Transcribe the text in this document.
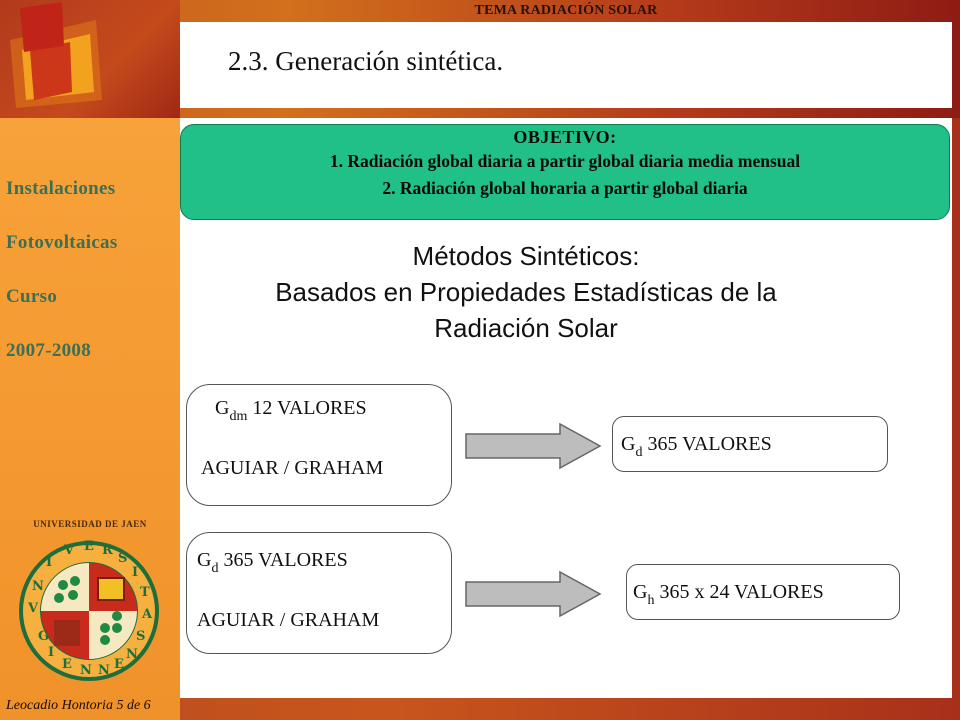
TEMA RADIACIÓN SOLAR
2.3. Generación sintética.
Instalaciones
Fotovoltaicas
Curso
2007-2008
UNIVERSIDAD DE JAEN
V
N
I
V E R
S
I
T
A
S
G
I
E N N E
N
Leocadio Hontoria 5 de 6
OBJETIVO:
1. Radiación global diaria a partir global diaria media mensual
2. Radiación global horaria a partir global diaria
Métodos Sintéticos:
Basados en Propiedades Estadísticas de la
Radiación Solar
$G_{dm}$ 12 VALORES
AGUIAR / GRAHAM
$G_d$ 365 VALORES
$G_d$ 365 VALORES
AGUIAR / GRAHAM
$G_h$ 365 x 24 VALORES
